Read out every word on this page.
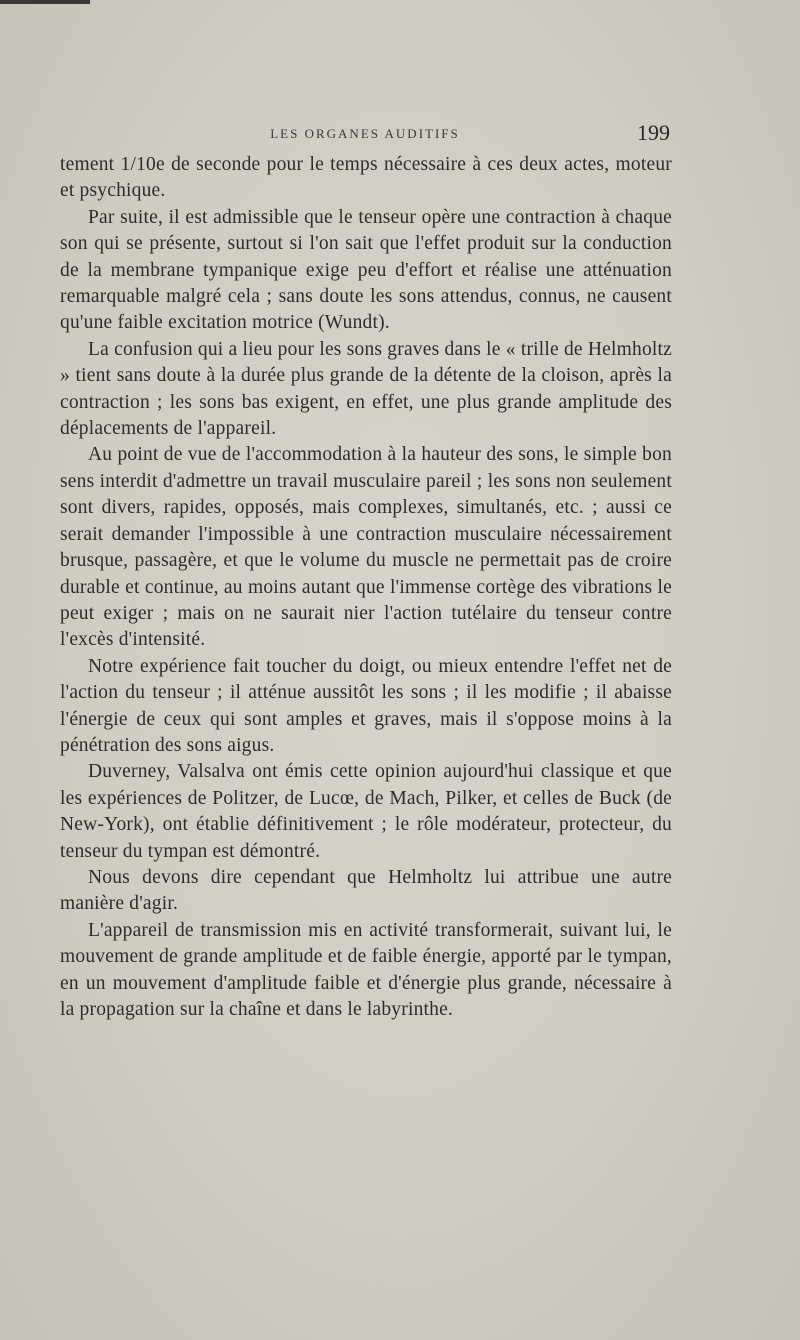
LES ORGANES AUDITIFS	199

tement 1/10e de seconde pour le temps nécessaire à ces deux actes, moteur et psychique.

Par suite, il est admissible que le tenseur opère une contraction à chaque son qui se présente, surtout si l'on sait que l'effet produit sur la conduction de la membrane tympanique exige peu d'effort et réalise une atténuation remarquable malgré cela ; sans doute les sons attendus, connus, ne causent qu'une faible excitation motrice (Wundt).

La confusion qui a lieu pour les sons graves dans le « trille de Helmholtz » tient sans doute à la durée plus grande de la détente de la cloison, après la contraction ; les sons bas exigent, en effet, une plus grande amplitude des déplacements de l'appareil.

Au point de vue de l'accommodation à la hauteur des sons, le simple bon sens interdit d'admettre un travail musculaire pareil ; les sons non seulement sont divers, rapides, opposés, mais complexes, simultanés, etc. ; aussi ce serait demander l'impossible à une contraction musculaire nécessairement brusque, passagère, et que le volume du muscle ne permettait pas de croire durable et continue, au moins autant que l'immense cortège des vibrations le peut exiger ; mais on ne saurait nier l'action tutélaire du tenseur contre l'excès d'intensité.

Notre expérience fait toucher du doigt, ou mieux entendre l'effet net de l'action du tenseur ; il atténue aussitôt les sons ; il les modifie ; il abaisse l'énergie de ceux qui sont amples et graves, mais il s'oppose moins à la pénétration des sons aigus.

Duverney, Valsalva ont émis cette opinion aujourd'hui classique et que les expériences de Politzer, de Lucœ, de Mach, Pilker, et celles de Buck (de New-York), ont établie définitivement ; le rôle modérateur, protecteur, du tenseur du tympan est démontré.

Nous devons dire cependant que Helmholtz lui attribue une autre manière d'agir.

L'appareil de transmission mis en activité transformerait, suivant lui, le mouvement de grande amplitude et de faible énergie, apporté par le tympan, en un mouvement d'amplitude faible et d'énergie plus grande, nécessaire à la propagation sur la chaîne et dans le labyrinthe.
